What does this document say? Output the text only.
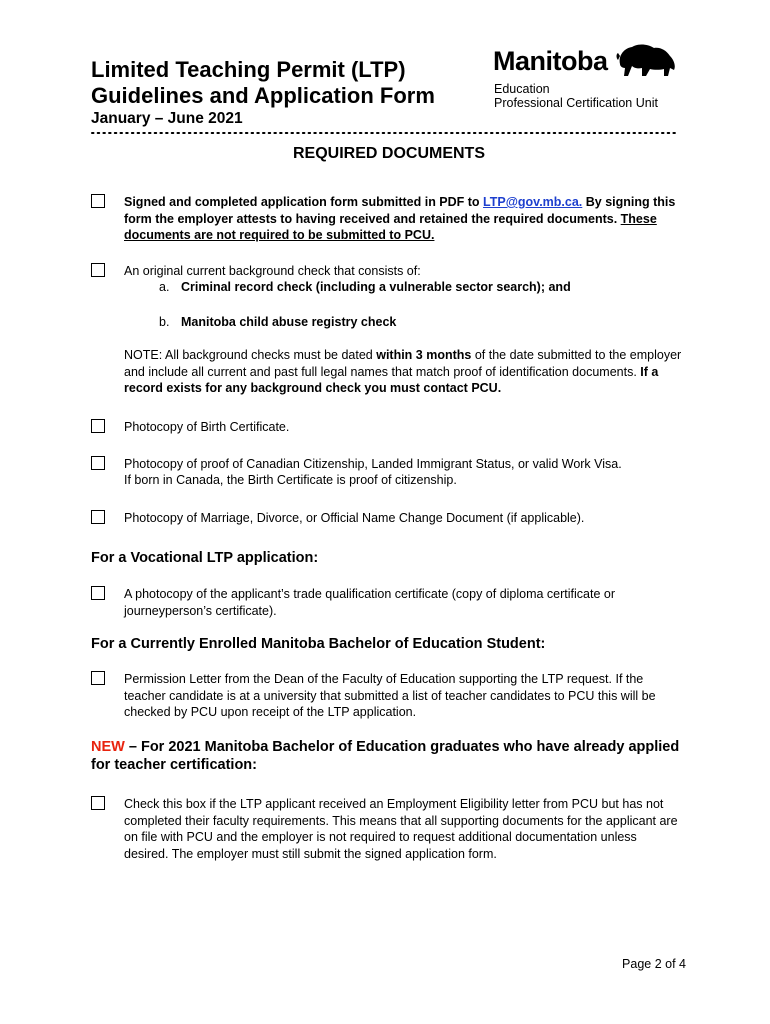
Limited Teaching Permit (LTP)
Guidelines and Application Form
January – June 2021
Manitoba
Education
Professional Certification Unit
REQUIRED DOCUMENTS
Signed and completed application form submitted in PDF to LTP@gov.mb.ca. By signing this form the employer attests to having received and retained the required documents. These documents are not required to be submitted to PCU.
An original current background check that consists of:
a. Criminal record check (including a vulnerable sector search); and
b. Manitoba child abuse registry check
NOTE: All background checks must be dated within 3 months of the date submitted to the employer and include all current and past full legal names that match proof of identification documents. If a record exists for any background check you must contact PCU.
Photocopy of Birth Certificate.
Photocopy of proof of Canadian Citizenship, Landed Immigrant Status, or valid Work Visa.
If born in Canada, the Birth Certificate is proof of citizenship.
Photocopy of Marriage, Divorce, or Official Name Change Document (if applicable).
For a Vocational LTP application:
A photocopy of the applicant’s trade qualification certificate (copy of diploma certificate or journeyperson’s certificate).
For a Currently Enrolled Manitoba Bachelor of Education Student:
Permission Letter from the Dean of the Faculty of Education supporting the LTP request. If the teacher candidate is at a university that submitted a list of teacher candidates to PCU this will be checked by PCU upon receipt of the LTP application.
NEW – For 2021 Manitoba Bachelor of Education graduates who have already applied for teacher certification:
Check this box if the LTP applicant received an Employment Eligibility letter from PCU but has not completed their faculty requirements. This means that all supporting documents for the applicant are on file with PCU and the employer is not required to request additional documentation unless desired. The employer must still submit the signed application form.
Page 2 of 4
